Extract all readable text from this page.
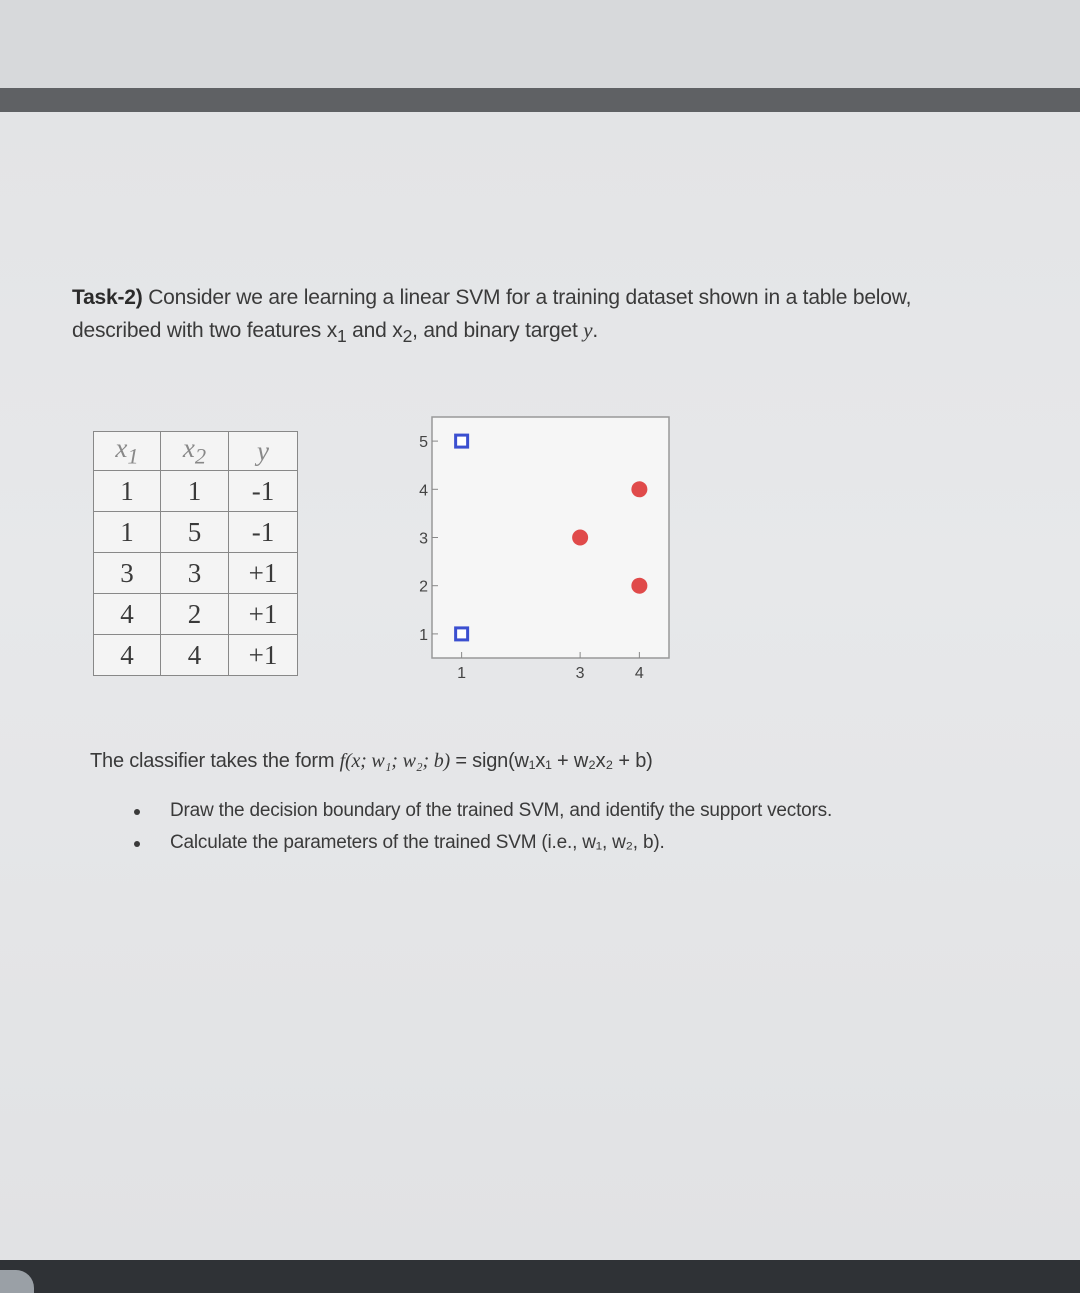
Task-2) Consider we are learning a linear SVM for a training dataset shown in a table below,
described with two features $x_1$ and $x_2$, and binary target y.
$x_1$	$x_2$	y
1	1	-1
1	5	-1
3	3	+1
4	2	+1
4	4	+1
5
4
3
2
1
1	3	4
The classifier takes the form f(x; w₁; w₂; b) = sign(w₁x₁ + w₂x₂ + b)
Draw the decision boundary of the trained SVM, and identify the support vectors.
Calculate the parameters of the trained SVM (i.e., w₁, w₂, b).
